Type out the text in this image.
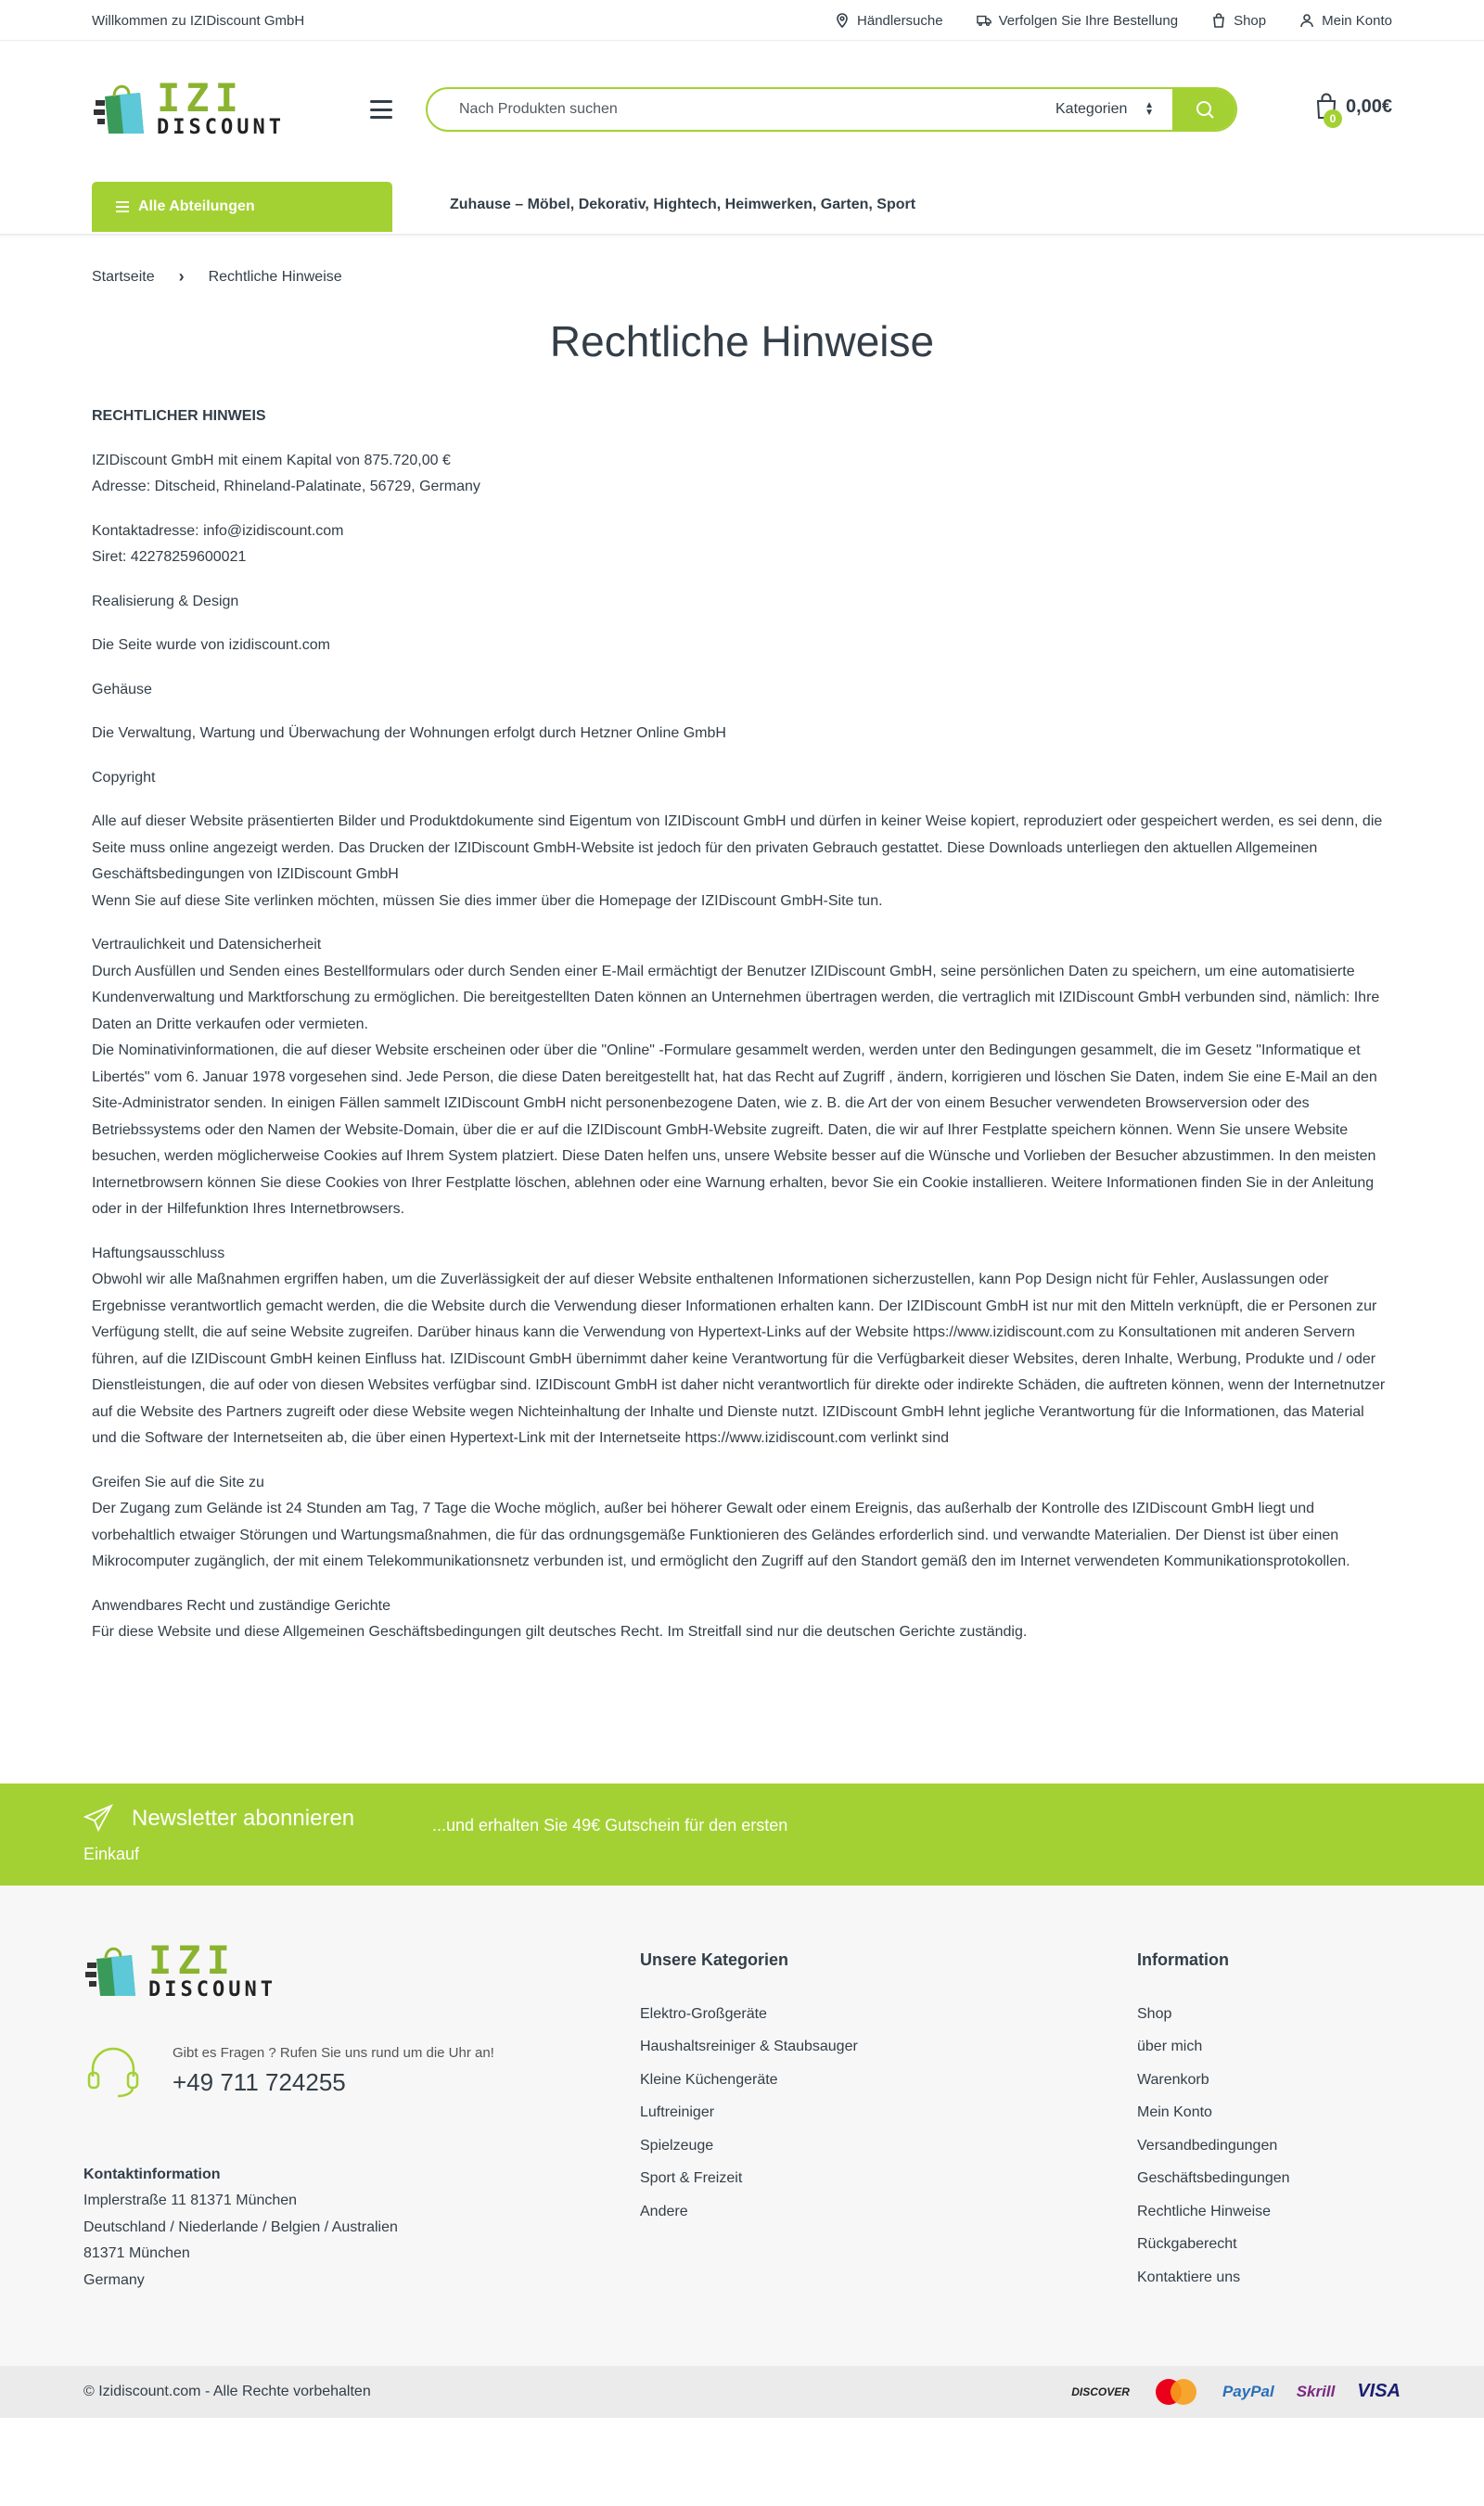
Willkommen zu IZIDiscount GmbH	Händlersuche	Verfolgen Sie Ihre Bestellung	Shop	Mein Konto
IZI
DISCOUNT
Nach Produkten suchen
Kategorien ▲
▼	0
0,00€
Alle Abteilungen	Zuhause – Möbel, Dekorativ, Hightech, Heimwerken, Garten, Sport
Startseite › Rechtliche Hinweise
Rechtliche Hinweise

RECHTLICHER HINWEIS

IZIDiscount GmbH mit einem Kapital von 875.720,00 €
Adresse: Ditscheid, Rhineland-Palatinate, 56729, Germany

Kontaktadresse: info@izidiscount.com
Siret: 42278259600021

Realisierung & Design

Die Seite wurde von izidiscount.com

Gehäuse

Die Verwaltung, Wartung und Überwachung der Wohnungen erfolgt durch Hetzner Online GmbH

Copyright

Alle auf dieser Website präsentierten Bilder und Produktdokumente sind Eigentum von IZIDiscount GmbH und dürfen in keiner Weise kopiert, reproduziert oder gespeichert werden, es sei denn, die Seite muss online angezeigt werden. Das Drucken der IZIDiscount GmbH-Website ist jedoch für den privaten Gebrauch gestattet. Diese Downloads unterliegen den aktuellen Allgemeinen Geschäftsbedingungen von IZIDiscount GmbH
Wenn Sie auf diese Site verlinken möchten, müssen Sie dies immer über die Homepage der IZIDiscount GmbH-Site tun.

Vertraulichkeit und Datensicherheit
Durch Ausfüllen und Senden eines Bestellformulars oder durch Senden einer E-Mail ermächtigt der Benutzer IZIDiscount GmbH, seine persönlichen Daten zu speichern, um eine automatisierte Kundenverwaltung und Marktforschung zu ermöglichen. Die bereitgestellten Daten können an Unternehmen übertragen werden, die vertraglich mit IZIDiscount GmbH verbunden sind, nämlich: Ihre Daten an Dritte verkaufen oder vermieten.
Die Nominativinformationen, die auf dieser Website erscheinen oder über die "Online" -Formulare gesammelt werden, werden unter den Bedingungen gesammelt, die im Gesetz "Informatique et Libertés" vom 6. Januar 1978 vorgesehen sind. Jede Person, die diese Daten bereitgestellt hat, hat das Recht auf Zugriff , ändern, korrigieren und löschen Sie Daten, indem Sie eine E-Mail an den Site-Administrator senden. In einigen Fällen sammelt IZIDiscount GmbH nicht personenbezogene Daten, wie z. B. die Art der von einem Besucher verwendeten Browserversion oder des Betriebssystems oder den Namen der Website-Domain, über die er auf die IZIDiscount GmbH-Website zugreift. Daten, die wir auf Ihrer Festplatte speichern können. Wenn Sie unsere Website besuchen, werden möglicherweise Cookies auf Ihrem System platziert. Diese Daten helfen uns, unsere Website besser auf die Wünsche und Vorlieben der Besucher abzustimmen. In den meisten Internetbrowsern können Sie diese Cookies von Ihrer Festplatte löschen, ablehnen oder eine Warnung erhalten, bevor Sie ein Cookie installieren. Weitere Informationen finden Sie in der Anleitung oder in der Hilfefunktion Ihres Internetbrowsers.

Haftungsausschluss
Obwohl wir alle Maßnahmen ergriffen haben, um die Zuverlässigkeit der auf dieser Website enthaltenen Informationen sicherzustellen, kann Pop Design nicht für Fehler, Auslassungen oder Ergebnisse verantwortlich gemacht werden, die die Website durch die Verwendung dieser Informationen erhalten kann. Der IZIDiscount GmbH ist nur mit den Mitteln verknüpft, die er Personen zur Verfügung stellt, die auf seine Website zugreifen. Darüber hinaus kann die Verwendung von Hypertext-Links auf der Website https://www.izidiscount.com zu Konsultationen mit anderen Servern führen, auf die IZIDiscount GmbH keinen Einfluss hat. IZIDiscount GmbH übernimmt daher keine Verantwortung für die Verfügbarkeit dieser Websites, deren Inhalte, Werbung, Produkte und / oder Dienstleistungen, die auf oder von diesen Websites verfügbar sind. IZIDiscount GmbH ist daher nicht verantwortlich für direkte oder indirekte Schäden, die auftreten können, wenn der Internetnutzer auf die Website des Partners zugreift oder diese Website wegen Nichteinhaltung der Inhalte und Dienste nutzt. IZIDiscount GmbH lehnt jegliche Verantwortung für die Informationen, das Material und die Software der Internetseiten ab, die über einen Hypertext-Link mit der Internetseite https://www.izidiscount.com verlinkt sind

Greifen Sie auf die Site zu
Der Zugang zum Gelände ist 24 Stunden am Tag, 7 Tage die Woche möglich, außer bei höherer Gewalt oder einem Ereignis, das außerhalb der Kontrolle des IZIDiscount GmbH liegt und vorbehaltlich etwaiger Störungen und Wartungsmaßnahmen, die für das ordnungsgemäße Funktionieren des Geländes erforderlich sind. und verwandte Materialien. Der Dienst ist über einen Mikrocomputer zugänglich, der mit einem Telekommunikationsnetz verbunden ist, und ermöglicht den Zugriff auf den Standort gemäß den im Internet verwendeten Kommunikationsprotokollen.

Anwendbares Recht und zuständige Gerichte
Für diese Website und diese Allgemeinen Geschäftsbedingungen gilt deutsches Recht. Im Streitfall sind nur die deutschen Gerichte zuständig.

Newsletter abonnieren	...und erhalten Sie 49€ Gutschein für den ersten
Einkauf
IZI
DISCOUNT
Gibt es Fragen ? Rufen Sie uns rund um die Uhr an!
+49 711 724255
Kontaktinformation
Implerstraße 11 81371 München
Deutschland / Niederlande / Belgien / Australien
81371 München
Germany
Unsere Kategorien
Elektro-Großgeräte
Haushaltsreiniger & Staubsauger
Kleine Küchengeräte
Luftreiniger
Spielzeuge
Sport & Freizeit
Andere
Information
Shop
über mich
Warenkorb
Mein Konto
Versandbedingungen
Geschäftsbedingungen
Rechtliche Hinweise
Rückgaberecht
Kontaktiere uns
© Izidiscount.com - Alle Rechte vorbehalten	DISCOVER	PayPal Skrill VISA
